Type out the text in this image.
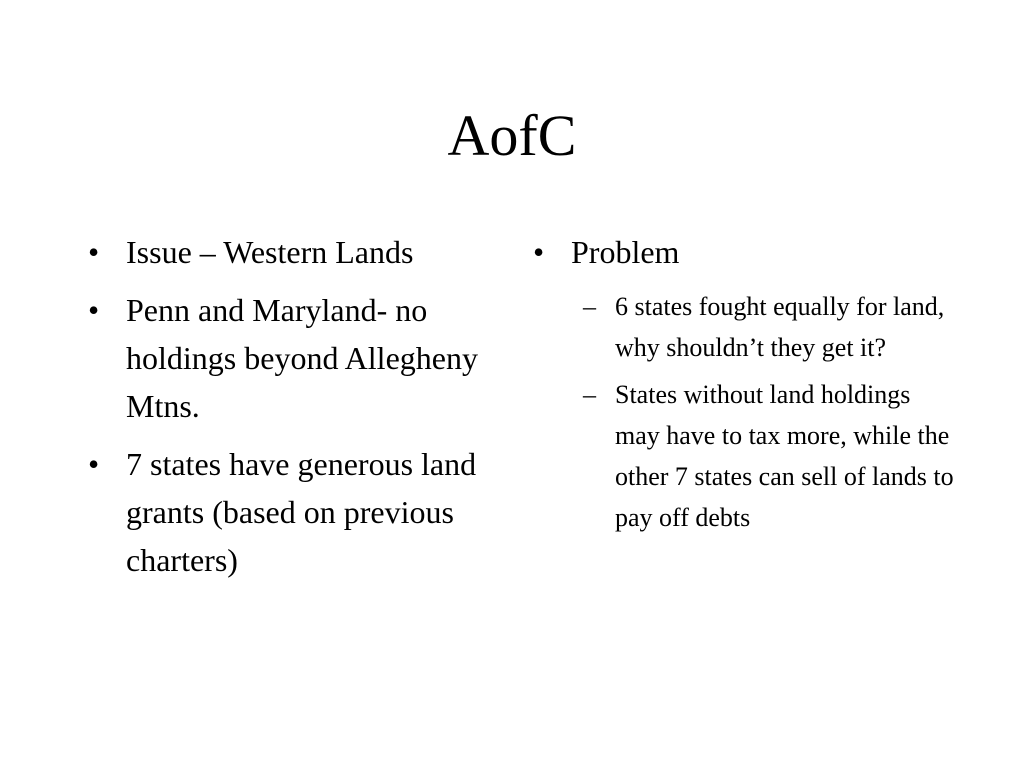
AofC
• Issue – Western Lands
• Penn and Maryland- no holdings beyond Allegheny Mtns.
• 7 states have generous land grants (based on previous charters)
• Problem
– 6 states fought equally for land, why shouldn’t they get it?
– States without land holdings may have to tax more, while the other 7 states can sell of lands to pay off debts
